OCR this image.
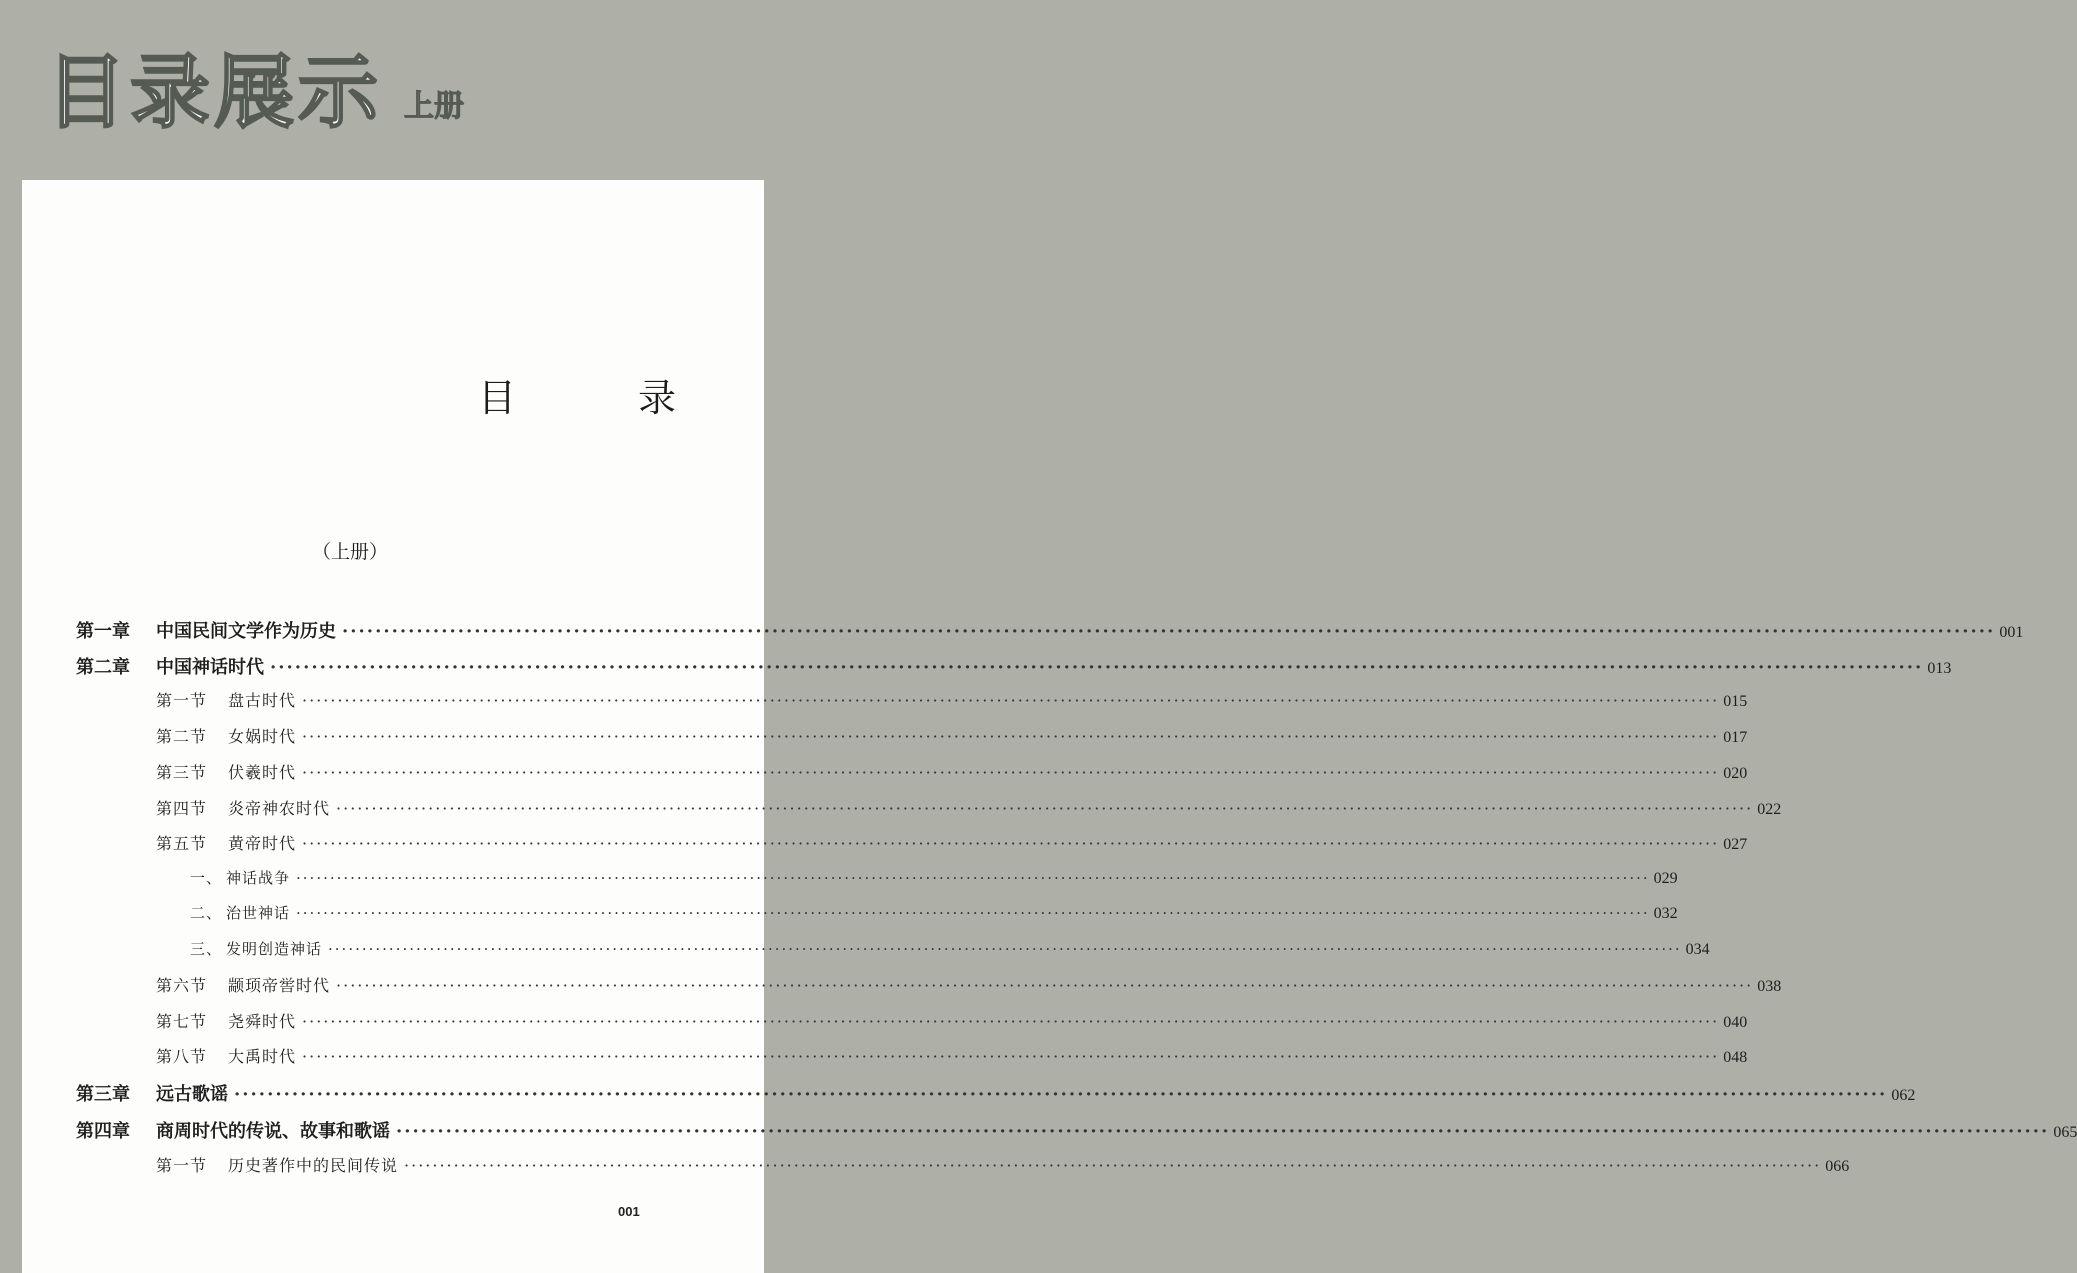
目录展示 上册
目　录
（上册）
第一章	中国民间文学作为历史 ········································································································································································································ 001
第二章	中国神话时代 ········································································································································································································ 013
第一节	盘古时代 ········································································································································································································ 015
第二节	女娲时代 ········································································································································································································ 017
第三节	伏羲时代 ········································································································································································································ 020
第四节	炎帝神农时代 ········································································································································································································ 022
第五节	黄帝时代 ········································································································································································································ 027
一、 神话战争 ········································································································································································································ 029
二、 治世神话 ········································································································································································································ 032
三、 发明创造神话 ········································································································································································································ 034
第六节	颛顼帝喾时代 ········································································································································································································ 038
第七节	尧舜时代 ········································································································································································································ 040
第八节	大禹时代 ········································································································································································································ 048
第三章	远古歌谣 ········································································································································································································ 062
第四章	商周时代的传说、故事和歌谣 ········································································································································································································ 065
第一节	历史著作中的民间传说 ········································································································································································································ 066
001
